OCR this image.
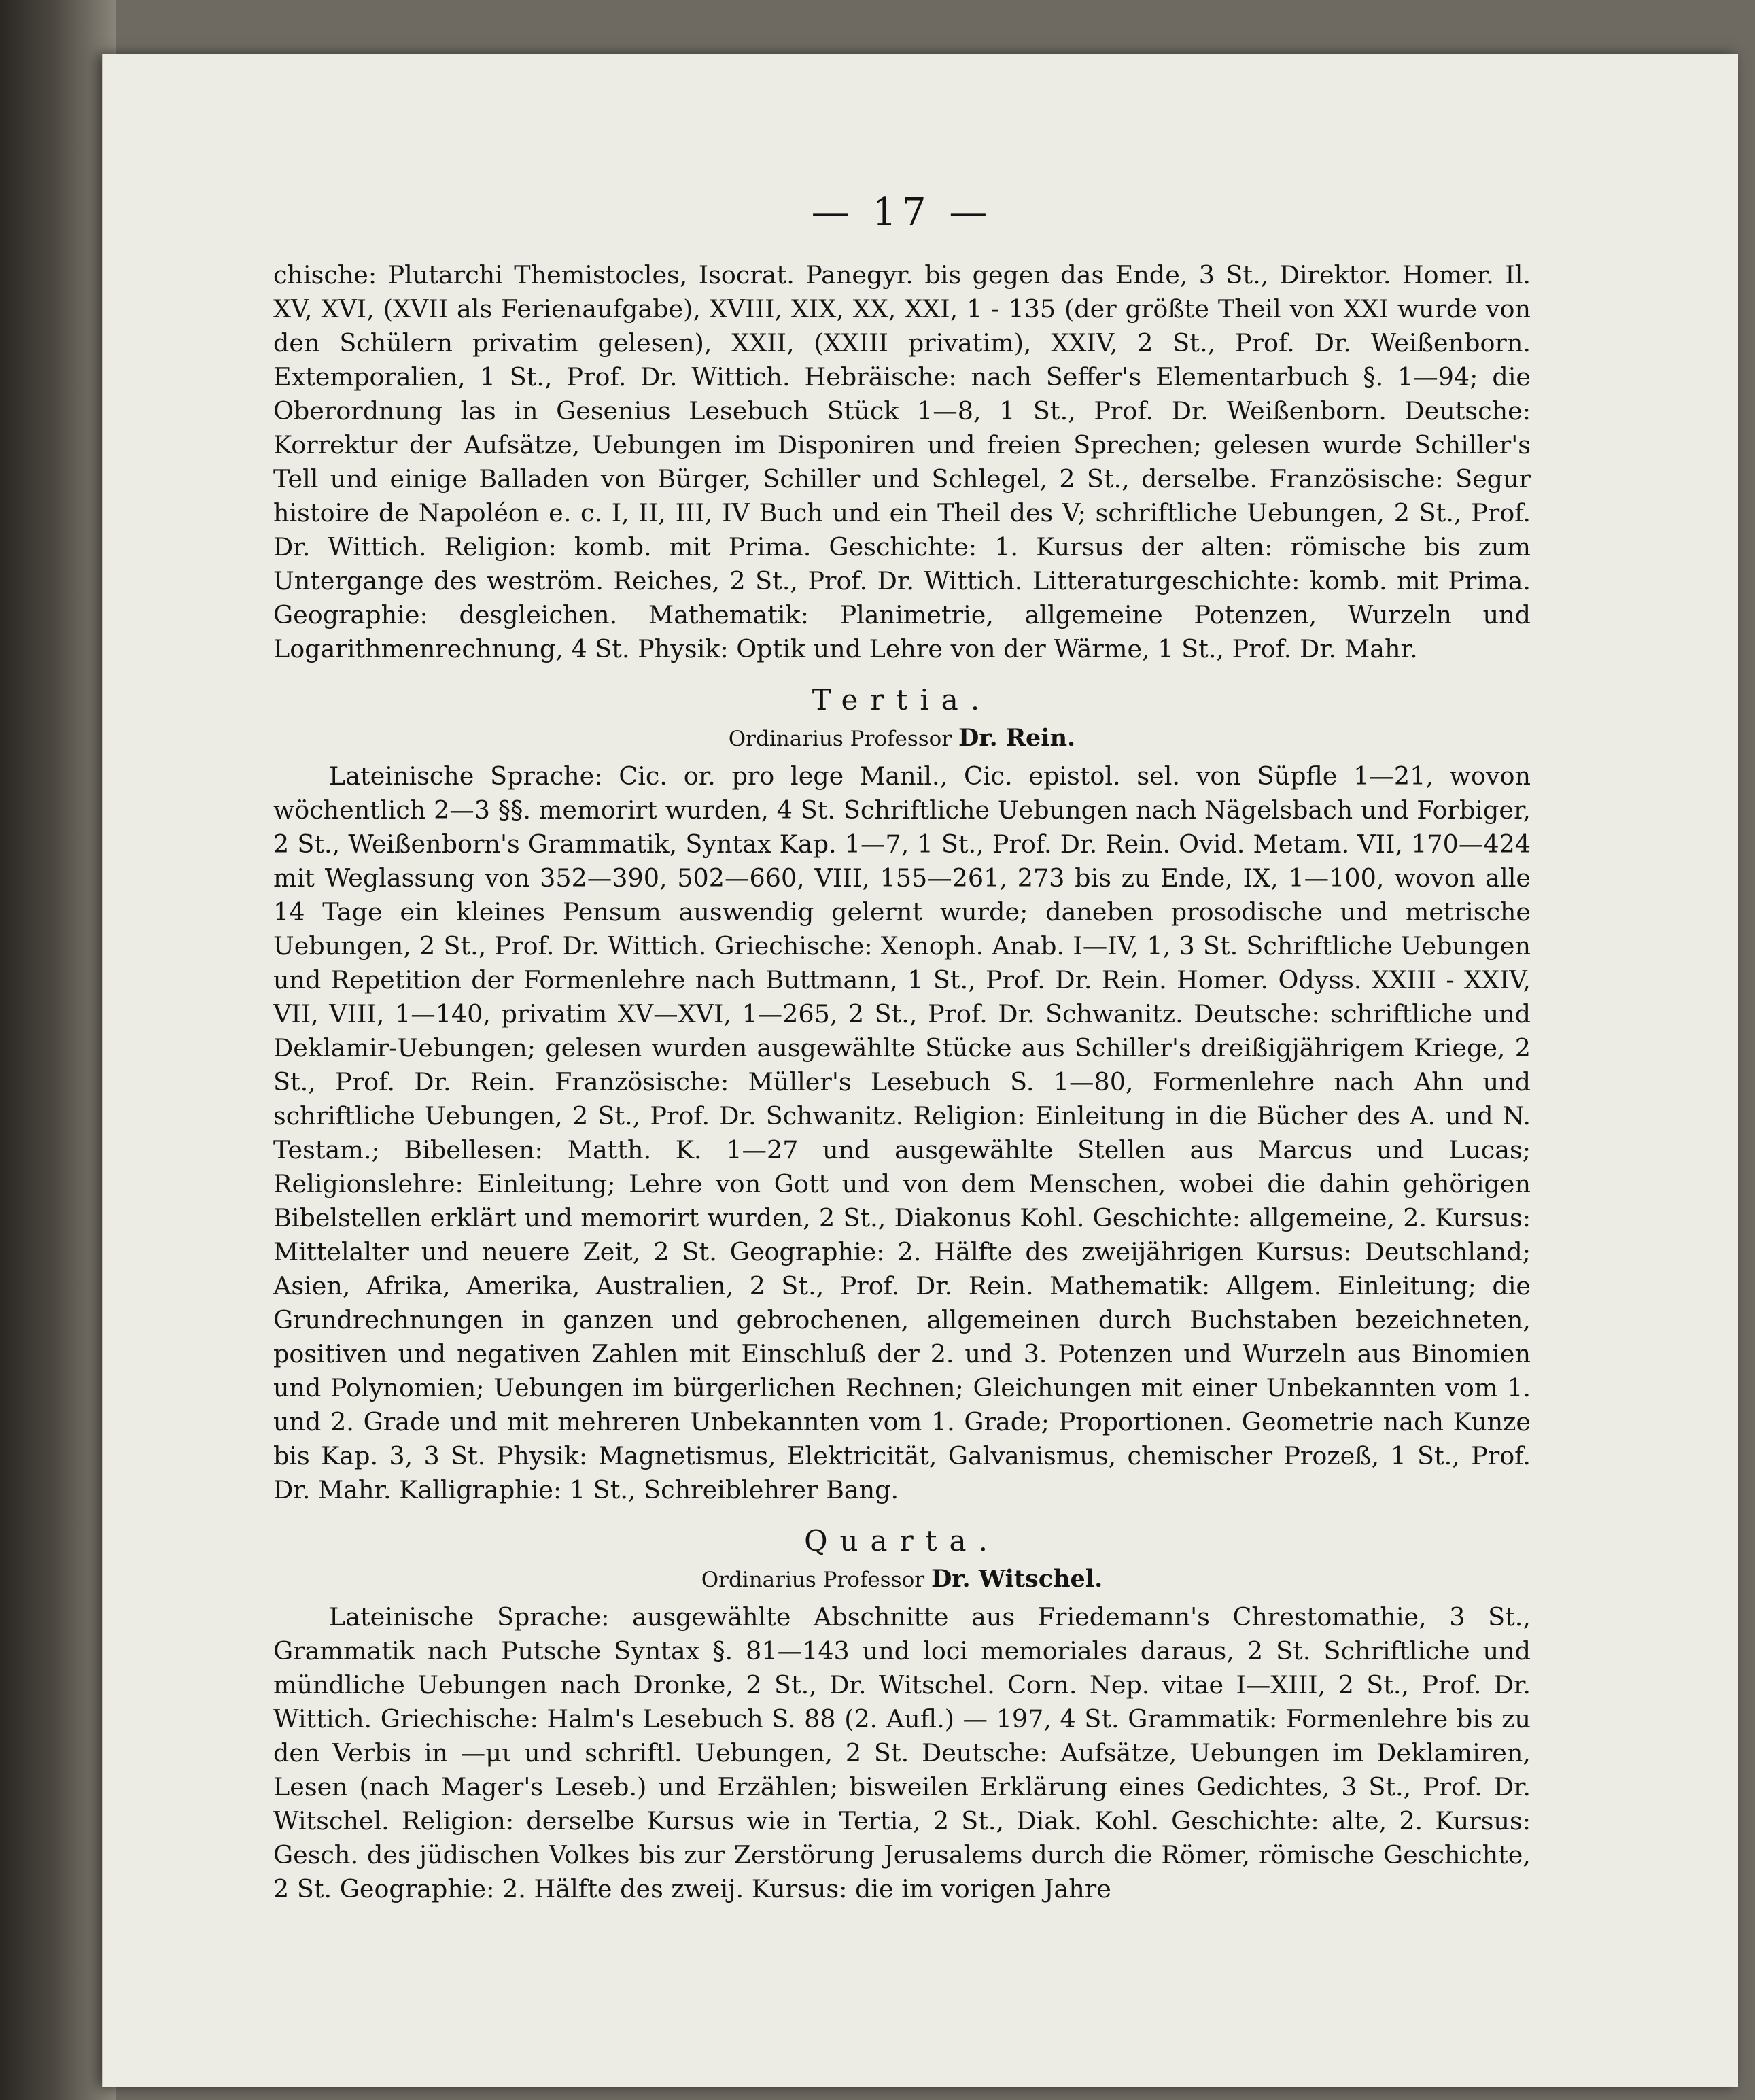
— 17 —

chische: Plutarchi Themistocles, Isocrat. Panegyr. bis gegen das Ende, 3 St., Direktor. Homer. Il. XV, XVI, (XVII als Ferienaufgabe), XVIII, XIX, XX, XXI, 1 - 135 (der größte Theil von XXI wurde von den Schülern privatim gelesen), XXII, (XXIII privatim), XXIV, 2 St., Prof. Dr. Weißenborn. Extemporalien, 1 St., Prof. Dr. Wittich. Hebräische: nach Seffer's Elementarbuch §. 1—94; die Oberordnung las in Gesenius Lesebuch Stück 1—8, 1 St., Prof. Dr. Weißenborn. Deutsche: Korrektur der Aufsätze, Uebungen im Disponiren und freien Sprechen; gelesen wurde Schiller's Tell und einige Balladen von Bürger, Schiller und Schlegel, 2 St., derselbe. Französische: Segur histoire de Napoléon e. c. I, II, III, IV Buch und ein Theil des V; schriftliche Uebungen, 2 St., Prof. Dr. Wittich. Religion: komb. mit Prima. Geschichte: 1. Kursus der alten: römische bis zum Untergange des weström. Reiches, 2 St., Prof. Dr. Wittich. Litteraturgeschichte: komb. mit Prima. Geographie: desgleichen. Mathematik: Planimetrie, allgemeine Potenzen, Wurzeln und Logarithmenrechnung, 4 St. Physik: Optik und Lehre von der Wärme, 1 St., Prof. Dr. Mahr.

Tertia.

Ordinarius Professor Dr. Rein.

Lateinische Sprache: Cic. or. pro lege Manil., Cic. epistol. sel. von Süpfle 1—21, wovon wöchentlich 2—3 §§. memorirt wurden, 4 St. Schriftliche Uebungen nach Nägelsbach und Forbiger, 2 St., Weißenborn's Grammatik, Syntax Kap. 1—7, 1 St., Prof. Dr. Rein. Ovid. Metam. VII, 170—424 mit Weglassung von 352—390, 502—660, VIII, 155—261, 273 bis zu Ende, IX, 1—100, wovon alle 14 Tage ein kleines Pensum auswendig gelernt wurde; daneben prosodische und metrische Uebungen, 2 St., Prof. Dr. Wittich. Griechische: Xenoph. Anab. I—IV, 1, 3 St. Schriftliche Uebungen und Repetition der Formenlehre nach Buttmann, 1 St., Prof. Dr. Rein. Homer. Odyss. XXIII - XXIV, VII, VIII, 1—140, privatim XV—XVI, 1—265, 2 St., Prof. Dr. Schwanitz. Deutsche: schriftliche und Deklamir-Uebungen; gelesen wurden ausgewählte Stücke aus Schiller's dreißigjährigem Kriege, 2 St., Prof. Dr. Rein. Französische: Müller's Lesebuch S. 1—80, Formenlehre nach Ahn und schriftliche Uebungen, 2 St., Prof. Dr. Schwanitz. Religion: Einleitung in die Bücher des A. und N. Testam.; Bibellesen: Matth. K. 1—27 und ausgewählte Stellen aus Marcus und Lucas; Religionslehre: Einleitung; Lehre von Gott und von dem Menschen, wobei die dahin gehörigen Bibelstellen erklärt und memorirt wurden, 2 St., Diakonus Kohl. Geschichte: allgemeine, 2. Kursus: Mittelalter und neuere Zeit, 2 St. Geographie: 2. Hälfte des zweijährigen Kursus: Deutschland; Asien, Afrika, Amerika, Australien, 2 St., Prof. Dr. Rein. Mathematik: Allgem. Einleitung; die Grundrechnungen in ganzen und gebrochenen, allgemeinen durch Buchstaben bezeichneten, positiven und negativen Zahlen mit Einschluß der 2. und 3. Potenzen und Wurzeln aus Binomien und Polynomien; Uebungen im bürgerlichen Rechnen; Gleichungen mit einer Unbekannten vom 1. und 2. Grade und mit mehreren Unbekannten vom 1. Grade; Proportionen. Geometrie nach Kunze bis Kap. 3, 3 St. Physik: Magnetismus, Elektricität, Galvanismus, chemischer Prozeß, 1 St., Prof. Dr. Mahr. Kalligraphie: 1 St., Schreiblehrer Bang.

Quarta.

Ordinarius Professor Dr. Witschel.

Lateinische Sprache: ausgewählte Abschnitte aus Friedemann's Chrestomathie, 3 St., Grammatik nach Putsche Syntax §. 81—143 und loci memoriales daraus, 2 St. Schriftliche und mündliche Uebungen nach Dronke, 2 St., Dr. Witschel. Corn. Nep. vitae I—XIII, 2 St., Prof. Dr. Wittich. Griechische: Halm's Lesebuch S. 88 (2. Aufl.) — 197, 4 St. Grammatik: Formenlehre bis zu den Verbis in —μι und schriftl. Uebungen, 2 St. Deutsche: Aufsätze, Uebungen im Deklamiren, Lesen (nach Mager's Leseb.) und Erzählen; bisweilen Erklärung eines Gedichtes, 3 St., Prof. Dr. Witschel. Religion: derselbe Kursus wie in Tertia, 2 St., Diak. Kohl. Geschichte: alte, 2. Kursus: Gesch. des jüdischen Volkes bis zur Zerstörung Jerusalems durch die Römer, römische Geschichte, 2 St. Geographie: 2. Hälfte des zweij. Kursus: die im vorigen Jahre
